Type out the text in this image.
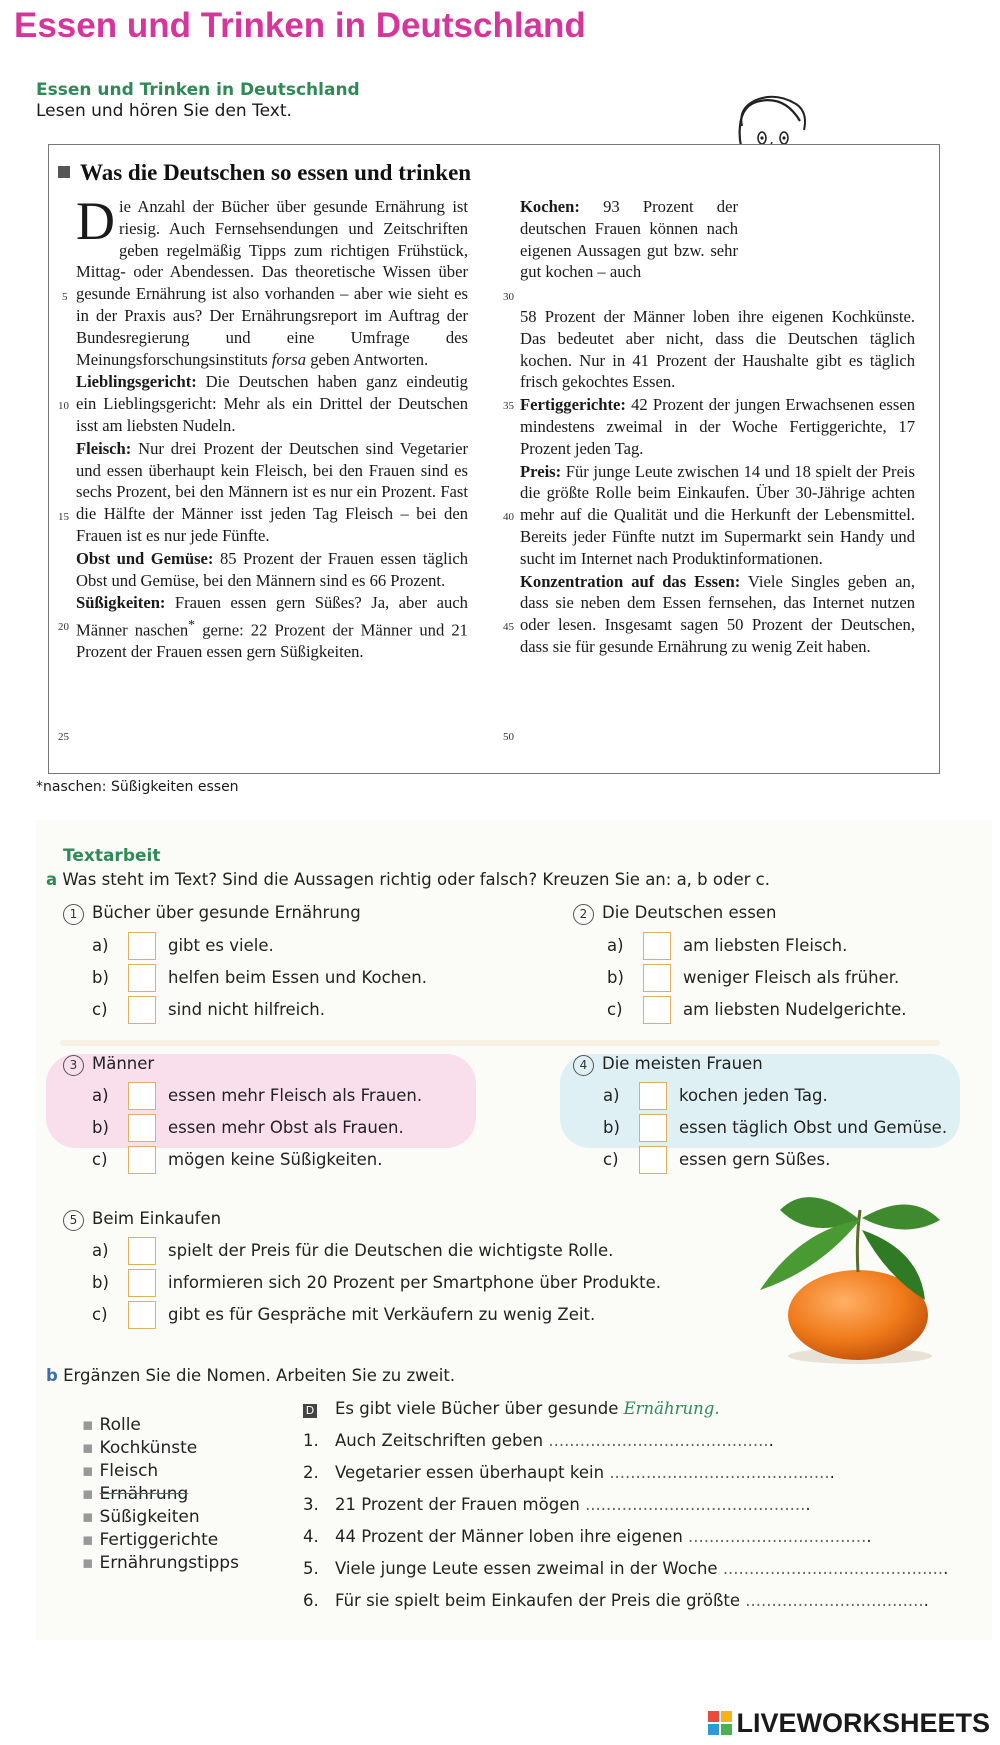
Essen und Trinken in Deutschland
Essen und Trinken in Deutschland
Lesen und hören Sie den Text.
Was die Deutschen so essen und trinken

Die Anzahl der Bücher über gesunde Ernährung ist riesig. Auch Fernsehsendungen und Zeitschriften geben regelmäßig Tipps zum richtigen Frühstück, Mittag- oder Abendessen. Das theoretische Wissen über gesunde Ernährung ist also vorhanden – aber wie sieht es in der Praxis aus? Der Ernährungsreport im Auftrag der Bundesregierung und eine Umfrage des Meinungsforschungsinstituts forsa geben Antworten.

Lieblingsgericht: Die Deutschen haben ganz eindeutig ein Lieblingsgericht: Mehr als ein Drittel der Deutschen isst am liebsten Nudeln.

Fleisch: Nur drei Prozent der Deutschen sind Vegetarier und essen überhaupt kein Fleisch, bei den Frauen sind es sechs Prozent, bei den Männern ist es nur ein Prozent. Fast die Hälfte der Männer isst jeden Tag Fleisch – bei den Frauen ist es nur jede Fünfte.

Obst und Gemüse: 85 Prozent der Frauen essen täglich Obst und Gemüse, bei den Männern sind es 66 Prozent.

Süßigkeiten: Frauen essen gern Süßes? Ja, aber auch Männer naschen* gerne: 22 Prozent der Männer und 21 Prozent der Frauen essen gern Süßigkeiten.

5
10
15
20
25

Kochen: 93 Prozent der deutschen Frauen können nach eigenen Aussagen gut bzw. sehr gut kochen – auch

58 Prozent der Männer loben ihre eigenen Kochkünste. Das bedeutet aber nicht, dass die Deutschen täglich kochen. Nur in 41 Prozent der Haushalte gibt es täglich frisch gekochtes Essen.

Fertiggerichte: 42 Prozent der jungen Erwachsenen essen mindestens zweimal in der Woche Fertiggerichte, 17 Prozent jeden Tag.

Preis: Für junge Leute zwischen 14 und 18 spielt der Preis die größte Rolle beim Einkaufen. Über 30-Jährige achten mehr auf die Qualität und die Herkunft der Lebensmittel. Bereits jeder Fünfte nutzt im Supermarkt sein Handy und sucht im Internet nach Produktinformationen.

Konzentration auf das Essen: Viele Singles geben an, dass sie neben dem Essen fernsehen, das Internet nutzen oder lesen. Insgesamt sagen 50 Prozent der Deutschen, dass sie für gesunde Ernährung zu wenig Zeit haben.

30
35
40
45
50
*naschen: Süßigkeiten essen
Textarbeit
a Was steht im Text? Sind die Aussagen richtig oder falsch? Kreuzen Sie an: a, b oder c.
1 Bücher über gesunde Ernährung
a)	gibt es viele.
b)	helfen beim Essen und Kochen.
c)	sind nicht hilfreich.
2 Die Deutschen essen
a)	am liebsten Fleisch.
b)	weniger Fleisch als früher.
c)	am liebsten Nudelgerichte.
3 Männer
a)	essen mehr Fleisch als Frauen.
b)	essen mehr Obst als Frauen.
c)	mögen keine Süßigkeiten.
4 Die meisten Frauen
a)	kochen jeden Tag.
b)	essen täglich Obst und Gemüse.
c)	essen gern Süßes.
5 Beim Einkaufen
a)	spielt der Preis für die Deutschen die wichtigste Rolle.
b)	informieren sich 20 Prozent per Smartphone über Produkte.
c)	gibt es für Gespräche mit Verkäufern zu wenig Zeit.
b Ergänzen Sie die Nomen. Arbeiten Sie zu zweit.
▪ Rolle
▪ Kochkünste
▪ Fleisch
▪ Ernährung
▪ Süßigkeiten
▪ Fertiggerichte
▪ Ernährungstipps
D Es gibt viele Bücher über gesunde Ernährung.
1. Auch Zeitschriften geben ...........................................
2. Vegetarier essen überhaupt kein ...........................................
3. 21 Prozent der Frauen mögen ...........................................
4. 44 Prozent der Männer loben ihre eigenen ...................................
5. Viele junge Leute essen zweimal in der Woche ...........................................
6. Für sie spielt beim Einkaufen der Preis die größte ...................................
LIVEWORKSHEETS
